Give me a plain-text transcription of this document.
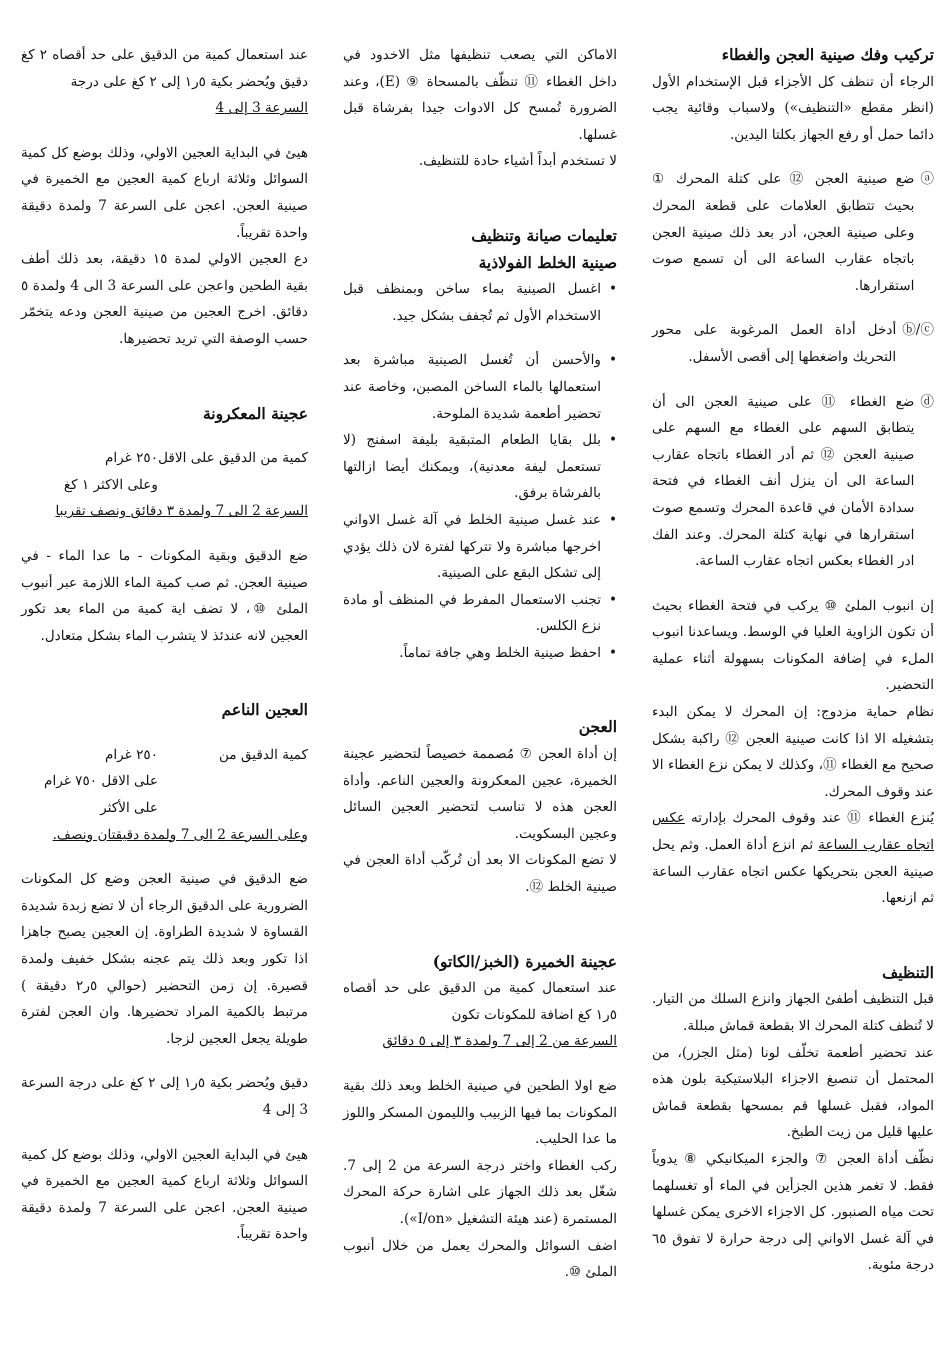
تركيب وفك صينية العجن والغطاء

الرجاء أن تنظف كل الأجزاء قبل الإستخدام الأول (انظر مقطع «التنظيف») ولاسباب وقائية يجب دائما حمل أو رفع الجهاز بكلتا اليدين.

ⓐ

ضع صينية العجن ⑫ على كتلة المحرك ① بحيث تتطابق العلامات على قطعة المحرك وعلى صينية العجن، أدر بعد ذلك صينية العجن باتجاه عقارب الساعة الى أن تسمع صوت استقرارها.

ⓑ/ⓒ

أدخل أداة العمل المرغوبة على محور التحريك واضغطها إلى أقصى الأسفل.

ⓓ

ضع الغطاء ⑪ على صينية العجن الى أن يتطابق السهم على الغطاء مع السهم على صينية العجن ⑫ ثم أدر الغطاء باتجاه عقارب الساعة الى أن ينزل أنف الغطاء في فتحة سدادة الأمان في قاعدة المحرك وتسمع صوت استقرارها في نهاية كتلة المحرك. وعند الفك ادر الغطاء بعكس اتجاه عقارب الساعة.

إن انبوب الملئ ⑩ يركب في فتحة الغطاء بحيث أن تكون الزاوية العليا في الوسط. ويساعدنا انبوب الملء في إضافة المكونات بسهولة أثناء عملية التحضير.

نظام حماية مزدوج: إن المحرك لا يمكن البدء بتشغيله الا اذا كانت صينية العجن ⑫ راكبة بشكل صحيح مع الغطاء ⑪، وكذلك لا يمكن نزع الغطاء الا عند وقوف المحرك.

يُنزع الغطاء ⑪ عند وقوف المحرك بإدارته عكس اتجاه عقارب الساعة ثم انزع أداة العمل. وثم يحل صينية العجن بتحريكها عكس اتجاه عقارب الساعة ثم ازنعها.

التنظيف

قبل التنظيف أطفئ الجهاز وانزع السلك من التيار. لا تُنظف كتلة المحرك الا بقطعة قماش مبللة.

عند تحضير أطعمة تخلّف لونا (مثل الجزر)، من المحتمل أن تنصبغ الاجزاء البلاستيكية بلون هذه المواد، فقبل غسلها قم بمسحها بقطعة قماش عليها قليل من زيت الطبخ.

نظّف أداة العجن ⑦ والجزء الميكانيكي ⑧ يدوياً فقط. لا تغمر هذين الجزأين في الماء أو تغسلهما تحت مياه الصنبور. كل الاجزاء الاخرى يمكن غسلها في آلة غسل الاواني إلى درجة حرارة لا تفوق ٦٥ درجة مئوية.

الاماكن التي يصعب تنظيفها مثل الاخدود في داخل الغطاء ⑪ تنظّف بالمسحاة ⑨ (E)، وعند الضرورة تُمسح كل الادوات جيدا بفرشاة قبل غسلها.

لا تستخدم أبداً أشياء حادة للتنظيف.

تعليمات صيانة وتنظيف
صينية الخلط الفولاذية
•

اغسل الصينية بماء ساخن وبمنظف قبل الاستخدام الأول ثم تُجفف بشكل جيد.

•

والأحسن أن تُغسل الصينية مباشرة بعد استعمالها بالماء الساخن المصبن، وخاصة عند تحضير أطعمة شديدة الملوحة.

•

بلل بقايا الطعام المتبقية بليفة اسفنج (لا تستعمل ليفة معدنية)، ويمكنك أيضا ازالتها بالفرشاة برفق.

•

عند غسل صينية الخلط في آلة غسل الاواني اخرجها مباشرة ولا تتركها لفترة لان ذلك يؤدي إلى تشكل البقع على الصينية.

•

تجنب الاستعمال المفرط في المنظف أو مادة نزع الكلس.

•

احفظ صينية الخلط وهي جافة تماماً.

العجن

إن أداة العجن ⑦ مُصممة خصيصاً لتحضير عجينة الخميرة، عجين المعكرونة والعجين الناعم. وأداة العجن هذه لا تناسب لتحضير العجين السائل وعجين البسكويت.

لا تضع المكونات الا بعد أن تُركّب أداة العجن في صينية الخلط ⑫.

عجينة الخميرة (الخبز/الكاتو)

عند استعمال كمية من الدقيق على حد أقصاه ٥ر١ كغ اضافة للمكونات تكون

السرعة من 2 إلى 7 ولمدة ٣ إلى ٥ دقائق

ضع اولا الطحين في صينية الخلط وبعد ذلك بقية المكونات بما فيها الزبيب والليمون المسكر واللوز ما عدا الحليب.

ركب الغطاء واختر درجة السرعة من 2 إلى 7. شغّل بعد ذلك الجهاز على اشارة حركة المحرك المستمرة (عند هيئة التشغيل «I/on»).

اضف السوائل والمحرك يعمل من خلال أنبوب الملئ ⑩.

عند استعمال كمية من الدقيق على حد أقصاه ٢ كغ دقيق ويُحضر بكية ٥ر١ إلى ٢ كغ على درجة

السرعة 3 إلى 4

هيئ في البداية العجين الاولي، وذلك بوضع كل كمية السوائل وثلاثة ارباع كمية العجين مع الخميرة في صينية العجن. اعجن على السرعة 7 ولمدة دقيقة واحدة تقريباً.

دع العجين الاولي لمدة ١٥ دقيقة، بعد ذلك أطف بقية الطحين واعجن على السرعة 3 الى 4 ولمدة ٥ دقائق. اخرج العجين من صينية العجن ودعه يتخمّر حسب الوصفة التي تريد تحضيرها.

عجينة المعكرونة
كمية من الدقيق على الاقل
٢٥٠ غرام
وعلى الاكثر ١ كغ

السرعة 2 الى 7 ولمدة ٣ دقائق ونصف تقريبا

ضع الدقيق وبقية المكونات - ما عدا الماء - في صينية العجن. ثم صب كمية الماء اللازمة عبر أنبوب الملئ ⑩، لا تضف اية كمية من الماء بعد تكور العجين لانه عندئذ لا يتشرب الماء بشكل متعادل.

العجين الناعم
كمية الدقيق من
٢٥٠ غرام
على الاقل ٧٥٠ غرام
على الأكثر

وعلى السرعة 2 الى 7 ولمدة دقيقتان ونصف.

ضع الدقيق في صينية العجن وضع كل المكونات الضرورية على الدقيق الرجاء أن لا تضع زبدة شديدة القساوة لا شديدة الطراوة. إن العجين يصبح جاهزا اذا تكور وبعد ذلك يتم عجنه بشكل خفيف ولمدة قصيرة. إن زمن التحضير (حوالي ٥ر٢ دقيقة ) مرتبط بالكمية المراد تحضيرها. وان العجن لفترة طويلة يجعل العجين لزجا.

دقيق ويُحضر بكية ٥ر١ إلى ٢ كغ على درجة السرعة 3 إلى 4

هيئ في البداية العجين الاولي، وذلك بوضع كل كمية السوائل وثلاثة ارباع كمية العجين مع الخميرة في صينية العجن. اعجن على السرعة 7 ولمدة دقيقة واحدة تقريباً.
